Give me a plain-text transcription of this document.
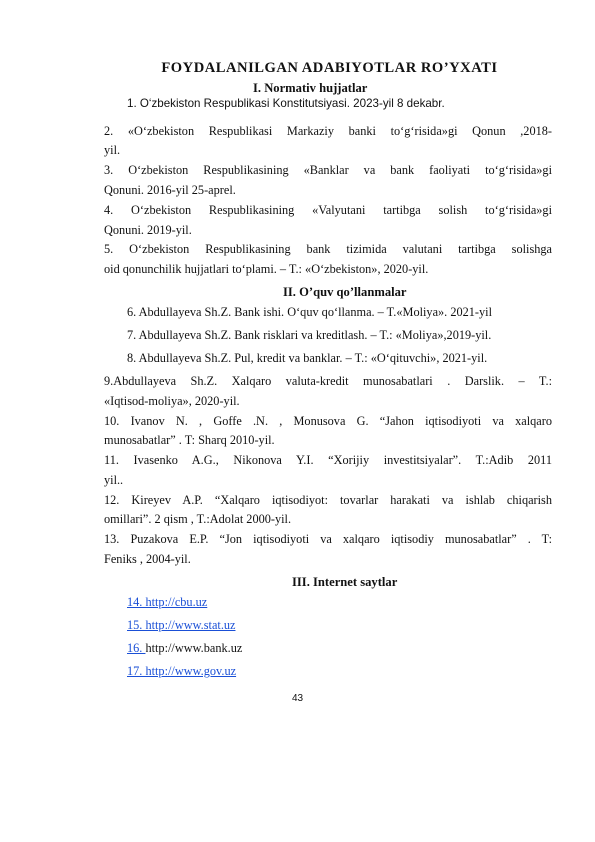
FOYDALANILGAN ADABIYOTLAR RO’YXATI
I. Normativ hujjatlar
1. O‘zbekiston Respublikasi Konstitutsiyasi. 2023-yil 8 dekabr.
2. «O‘zbekiston Respublikasi Markaziy banki to‘g‘risida»gi Qonun ,2018-
yil.
3. O‘zbekiston Respublikasining «Banklar va bank faoliyati to‘g‘risida»gi
Qonuni. 2016-yil 25-aprel.
4. O‘zbekiston Respublikasining «Valyutani tartibga solish to‘g‘risida»gi
Qonuni. 2019-yil.
5. O‘zbekiston Respublikasining bank tizimida valutani tartibga solishga
oid qonunchilik hujjatlari to‘plami. – T.: «O‘zbekiston», 2020-yil.
II. O’quv qo’llanmalar
6. Abdullayeva Sh.Z. Bank ishi. O‘quv qo‘llanma. – T.«Moliya». 2021-yil
7. Abdullayeva Sh.Z. Bank risklari va kreditlash. – T.: «Moliya»,2019-yil.
8. Abdullayeva Sh.Z. Pul, kredit va banklar. – T.: «O‘qituvchi», 2021-yil.
9.Abdullayeva Sh.Z. Xalqaro valuta-kredit munosabatlari . Darslik. – T.:
«Iqtisod-moliya», 2020-yil.
10. Ivanov N. , Goffe .N. , Monusova G. “Jahon iqtisodiyoti va xalqaro
munosabatlar” . T: Sharq 2010-yil.
11. Ivasenko A.G., Nikonova Y.I. “Xorijiy investitsiyalar”. T.:Adib 2011
yil..
12. Kireyev A.P. “Xalqaro iqtisodiyot: tovarlar harakati va ishlab chiqarish
omillari”. 2 qism , T.:Adolat 2000-yil.
13. Puzakova E.P. “Jon iqtisodiyoti va xalqaro iqtisodiy munosabatlar” . T:
Feniks , 2004-yil.
III. Internet saytlar
14. http://cbu.uz
15. http://www.stat.uz
16. http://www.bank.uz
17. http://www.gov.uz
43
